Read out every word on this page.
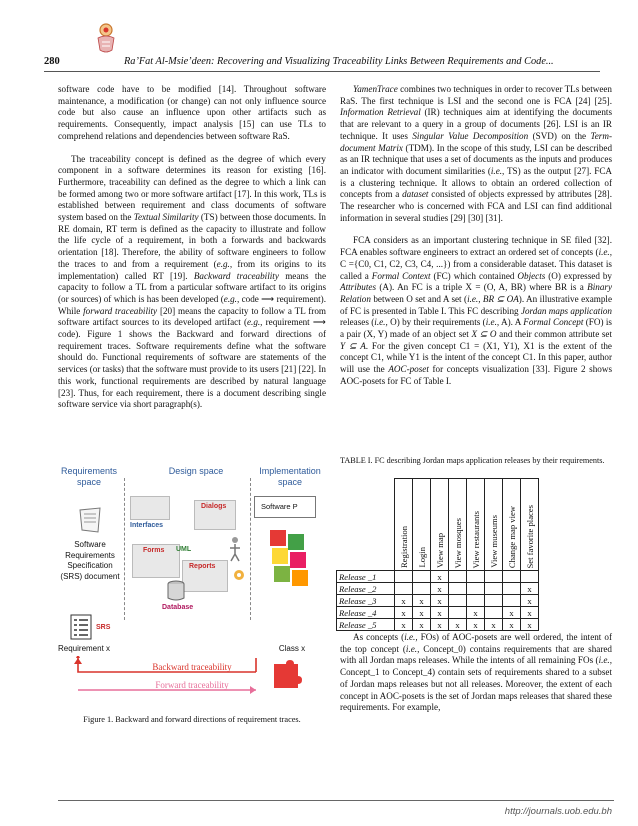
280	Ra’Fat Al-Msie’deen: Recovering and Visualizing Traceability Links Between Requirements and Code...

software code have to be modified [14]. Throughout software maintenance, a modification (or change) can not only influence source code but also cause an influence upon other artifacts such as requirements. Consequently, impact analysis [15] can use TLs to comprehend relations and dependencies between software RaS.

The traceability concept is defined as the degree of which every component in a software determines its reason for existing [16]. Furthermore, traceability can defined as the degree to which a link can be formed among two or more software artifact [17]. In this work, TLs is established between requirement and class documents of software system based on the Textual Similarity (TS) between those documents. In RE domain, RT term is defined as the capacity to illustrate and follow the life cycle of a requirement, in both a forwards and backwards orientation [18]. Therefore, the ability of software engineers to follow the traces to and from a requirement (e.g., from its origins to its implementation) called RT [19]. Backward traceability means the capacity to follow a TL from a particular software artifact to its origins (or sources) of which is has been developed (e.g., code ⟶ requirement). While forward traceability [20] means the capacity to follow a TL from software artifact sources to its developed artifact (e.g., requirement ⟶ code). Figure 1 shows the Backward and forward directions of requirement traces. Software requirements define what the software should do. Functional requirements of software are statements of the services (or tasks) that the software must provide to its users [21] [22]. In this work, functional requirements are described by natural language [23]. Thus, for each requirement, there is a document describing single software service via short paragraph(s).

Requirements space
Design space	Implementation space
Software Requirements Specification (SRS) document
SRS
Interfaces
Dialogs
Forms UML
Reports
Database
Software P
Requirement x	Class x
Backward traceability
Forward traceability
Figure 1. Backward and forward directions of requirement traces.

YamenTrace combines two techniques in order to recover TLs between RaS. The first technique is LSI and the second one is FCA [24] [25]. Information Retrieval (IR) techniques aim at identifying the documents that are relevant to a query in a group of documents [26]. LSI is an IR technique. It uses Singular Value Decomposition (SVD) on the Term-document Matrix (TDM). In the scope of this study, LSI can be described as an IR technique that uses a set of documents as the inputs and produces an indicator with document similarities (i.e., TS) as the output [27]. FCA is a clustering technique. It allows to obtain an ordered collection of concepts from a dataset consisted of objects expressed by attributes [28]. The researcher who is concerned with FCA and LSI can find additional information in several studies [29] [30] [31].

FCA considers as an important clustering technique in SE filed [32]. FCA enables software engineers to extract an ordered set of concepts (i.e., C ={C0, C1, C2, C3, C4, ...}) from a considerable dataset. This dataset is called a Formal Context (FC) which contained Objects (O) expressed by Attributes (A). An FC is a triple X = (O, A, BR) where BR is a Binary Relation between O set and A set (i.e., BR ⊆ OA). An illustrative example of FC is presented in Table I. This FC describing Jordan maps application releases (i.e., O) by their requirements (i.e., A). A Formal Concept (FO) is a pair (X, Y) made of an object set X ⊆ O and their common attribute set Y ⊆ A. For the given concept C1 = (X1, Y1), X1 is the extent of the concept C1, while Y1 is the intent of the concept C1. In this paper, author will use the AOC-poset for concepts visualization [33]. Figure 2 shows AOC-posets for FC of Table I.

TABLE I. FC describing Jordan maps application releases by their requirements.

	Registration	Login	View map	View mosques	View restaurants	View museums	Change map view	Set favorite places

Release _1			x					
Release _2			x					x
Release _3	x	x	x					x
Release _4	x	x	x		x		x	x
Release _5	x	x	x	x	x	x	x	x

As concepts (i.e., FOs) of AOC-posets are well ordered, the intent of the top concept (i.e., Concept_0) contains requirements that are shared with all Jordan maps releases. While the intents of all remaining FOs (i.e., Concept_1 to Concept_4) contain sets of requirements shared to a subset of Jordan maps releases but not all releases. Moreover, the extent of each concept in AOC-posets is the set of Jordan maps releases that shared these requirements. For example,

http://journals.uob.edu.bh
